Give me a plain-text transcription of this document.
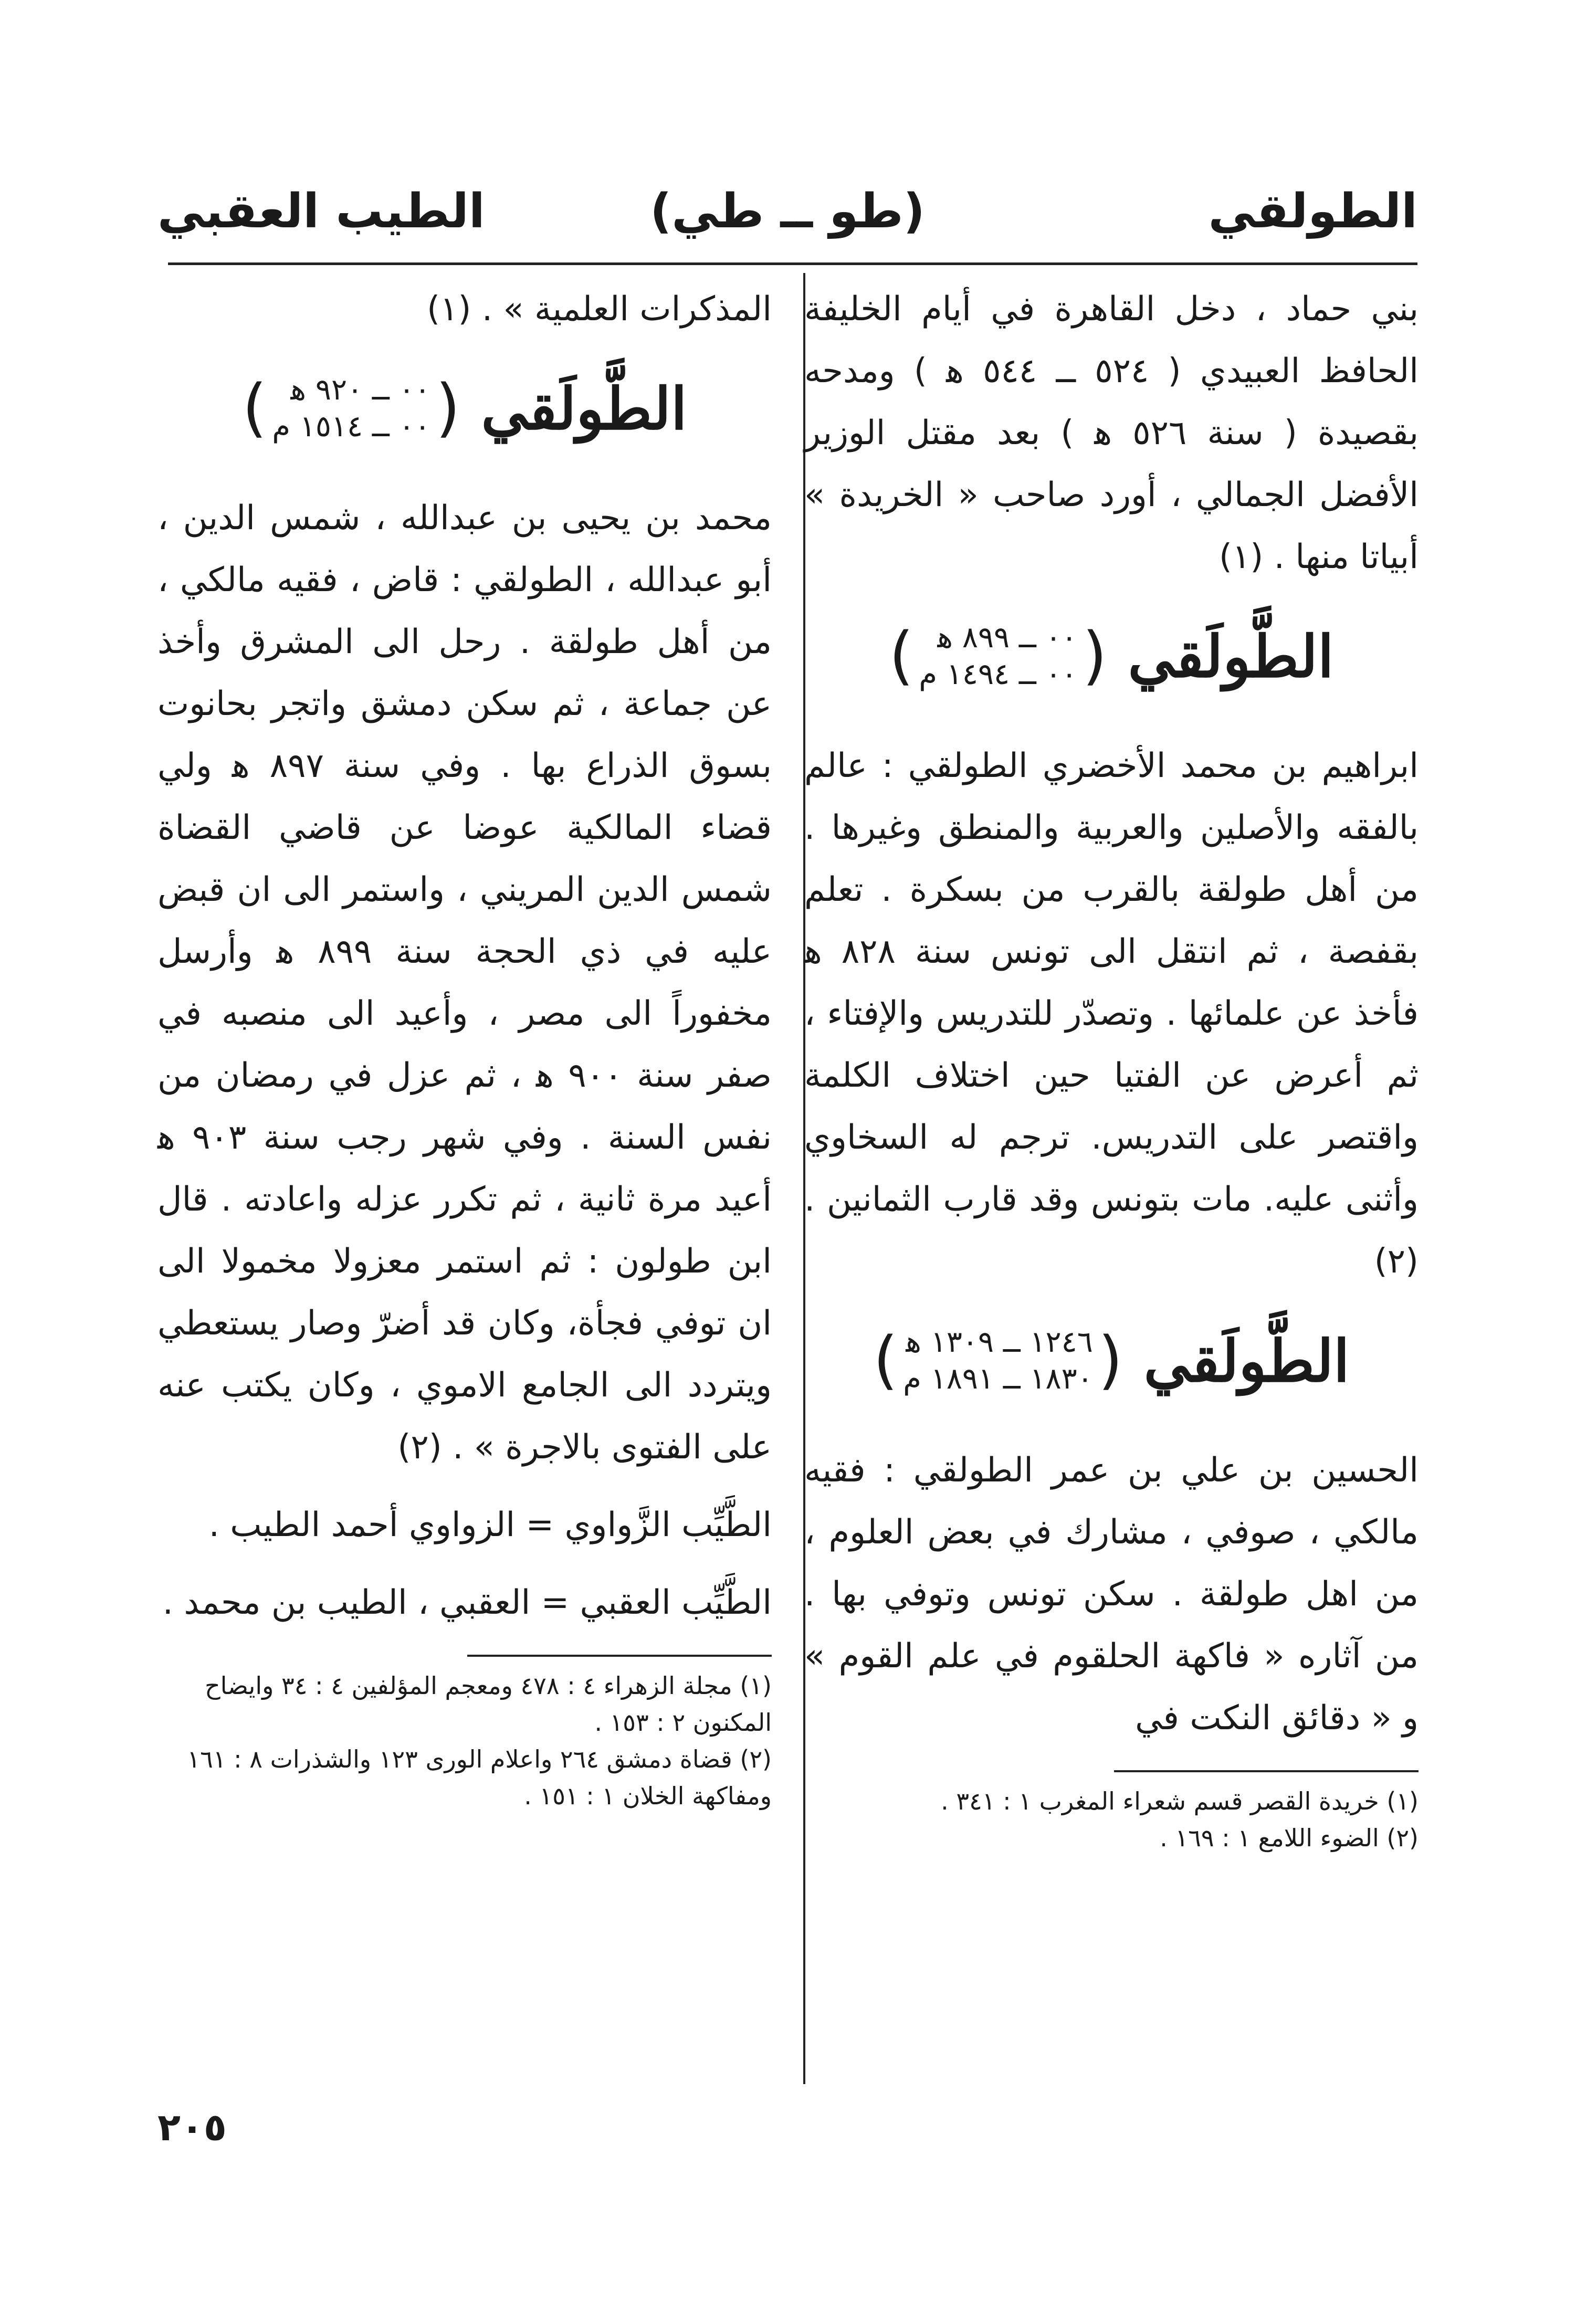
الطولقي
(طو ــ طي)
الطيب العقبي

بني حماد ، دخل القاهرة في أيام الخليفة الحافظ العبيدي ( ٥٢٤ ــ ٥٤٤ ﻫ ) ومدحه بقصيدة ( سنة ٥٢٦ ﻫ ) بعد مقتل الوزير الأفضل الجمالي ، أورد صاحب « الخريدة » أبياتا منها . (١)

الطَّولَقي
(
٠٠ ــ ٨٩٩ ﻫ
٠٠ ــ ١٤٩٤ م
)

ابراهيم بن محمد الأخضري الطولقي : عالم بالفقه والأصلين والعربية والمنطق وغيرها . من أهل طولقة بالقرب من بسكرة . تعلم بقفصة ، ثم انتقل الى تونس سنة ٨٢٨ ﻫ فأخذ عن علمائها . وتصدّر للتدريس والإفتاء ، ثم أعرض عن الفتيا حين اختلاف الكلمة واقتصر على التدريس. ترجم له السخاوي وأثنى عليه. مات بتونس وقد قارب الثمانين . (٢)

الطَّولَقي
(
١٢٤٦ ــ ١٣٠٩ ﻫ
١٨٣٠ ــ ١٨٩١ م
)

الحسين بن علي بن عمر الطولقي : فقيه مالكي ، صوفي ، مشارك في بعض العلوم ، من اهل طولقة . سكن تونس وتوفي بها . من آثاره « فاكهة الحلقوم في علم القوم » و « دقائق النكت في

(١) خريدة القصر قسم شعراء المغرب ١ : ٣٤١ .

(٢) الضوء اللامع ١ : ١٦٩ .

المذكرات العلمية » . (١)

الطَّولَقي
(
٠٠ ــ ٩٢٠ ﻫ
٠٠ ــ ١٥١٤ م
)

محمد بن يحيى بن عبدالله ، شمس الدين ، أبو عبدالله ، الطولقي : قاض ، فقيه مالكي ، من أهل طولقة . رحل الى المشرق وأخذ عن جماعة ، ثم سكن دمشق واتجر بحانوت بسوق الذراع بها . وفي سنة ٨٩٧ ﻫ ولي قضاء المالكية عوضا عن قاضي القضاة شمس الدين المريني ، واستمر الى ان قبض عليه في ذي الحجة سنة ٨٩٩ ﻫ وأرسل مخفوراً الى مصر ، وأعيد الى منصبه في صفر سنة ٩٠٠ ﻫ ، ثم عزل في رمضان من نفس السنة . وفي شهر رجب سنة ٩٠٣ ﻫ أعيد مرة ثانية ، ثم تكرر عزله واعادته . قال ابن طولون : ثم استمر معزولا مخمولا الى ان توفي فجأة، وكان قد أضرّ وصار يستعطي ويتردد الى الجامع الاموي ، وكان يكتب عنه على الفتوى بالاجرة » . (٢)

الطَّيِّب الزَّواوي = الزواوي أحمد الطيب .

الطَّيِّب العقبي = العقبي ، الطيب بن محمد .

(١) مجلة الزهراء ٤ : ٤٧٨ ومعجم المؤلفين ٤ : ٣٤ وايضاح المكنون ٢ : ١٥٣ .

(٢) قضاة دمشق ٢٦٤ واعلام الورى ١٢٣ والشذرات ٨ : ١٦١ ومفاكهة الخلان ١ : ١٥١ .

٢٠٥
